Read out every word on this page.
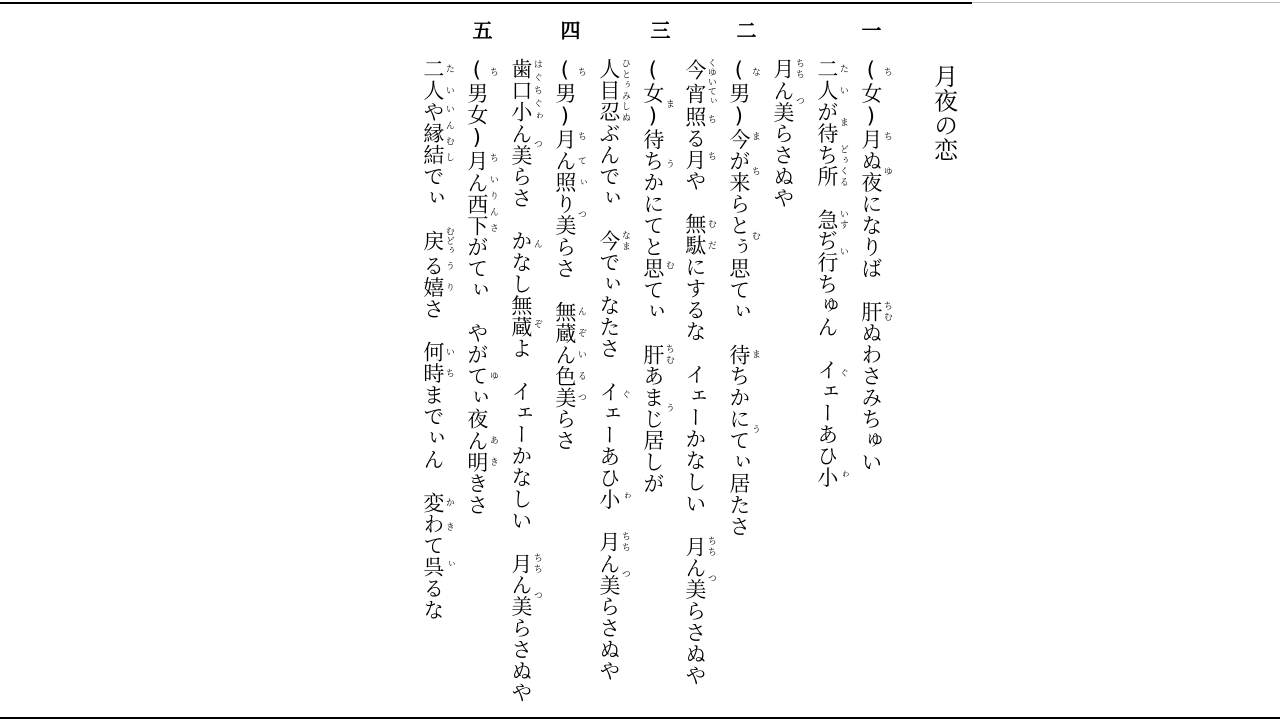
月夜の恋
一
(女)月 ちちぬ夜 ゆになりば　肝 ちむぬわさみちゅい
二人 たいが待 まち所 どぅくる　急 いすぢ行 いちゅん　イェーあひ小 ぐゎ
月 ちちん美 つらさぬや
二
(男)今 なまが来 ちらとぅ思 むてぃ　待 まちかにてぃ居 うたさ
今宵 くゆいてぃ照る月 ちちや　無駄 むだにするな　イェーかなしい　月 ちちん美 つらさぬや
三
(女)待 まちかにてと思 うむてぃ　肝 ちむあまじ居 うしが
人目忍 ひとぅみしぬぶんでぃ　今 なまでぃなたさ　イェーあひ小 ぐゎ　月 ちちん美 つらさぬや
四
(男)月 ちちん照 てぃり美 つらさ　無蔵 んぞん色 いる美 つらさ
歯口小 はぐちぐゎん美 つらさ　かなし無蔵 んぞよ　イェーかなしい　月 ちちん美 つらさぬや
五
(男女)月 ちちん西下 いりんさがてぃ　やがてぃ夜 ゆん明 あききさ
二人 たいや縁結 いんむしでぃ　戻 むどぅる嬉 うりさ　何時 いちまでぃん　変 かわて呉 きぃるな
